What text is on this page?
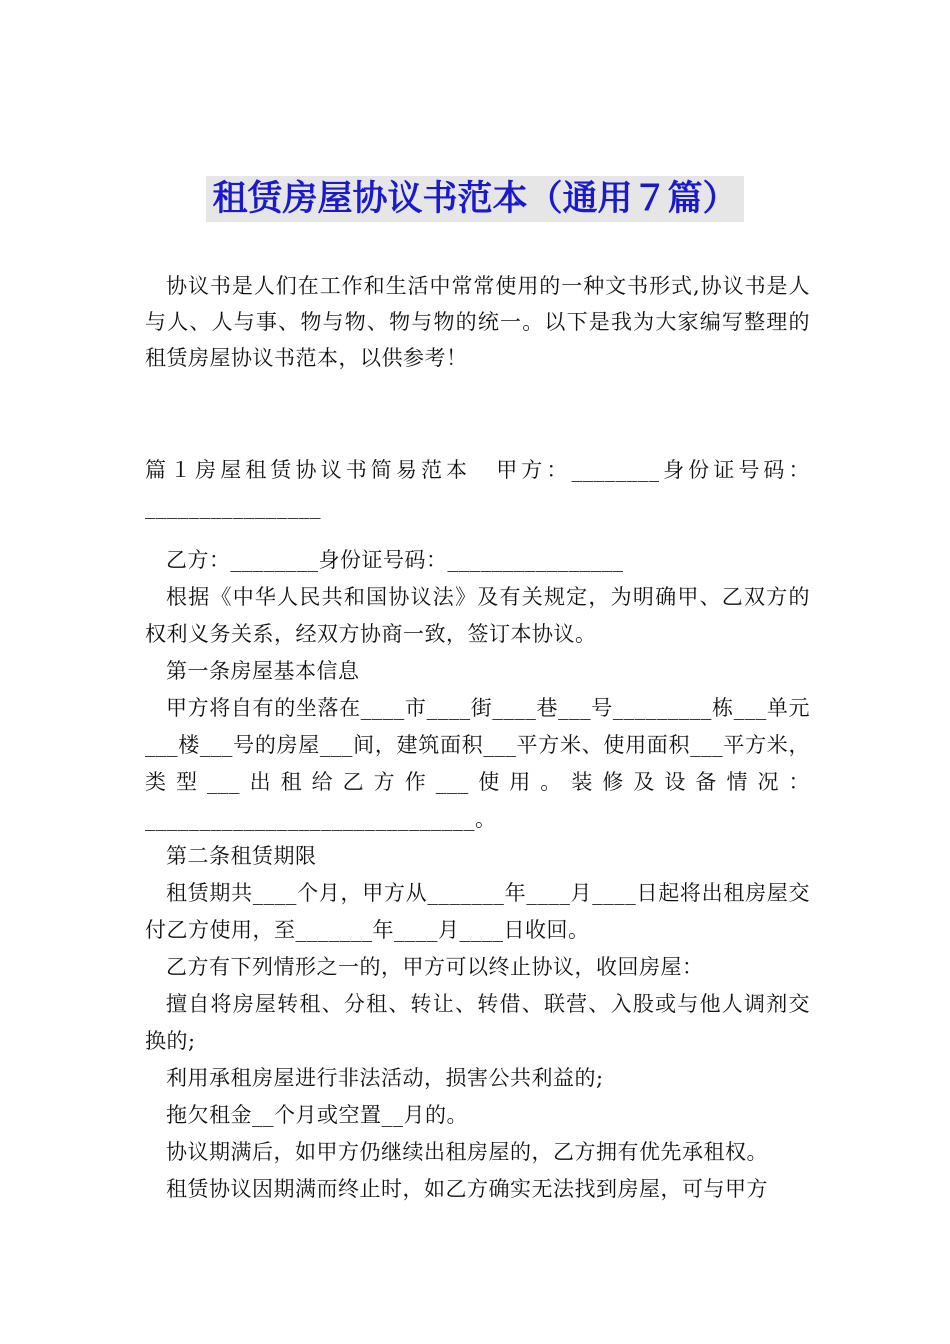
租赁房屋协议书范本（通用７篇）

协议书是人们在工作和生活中常常使用的一种文书形式,协议书是人与人、人与事、物与物、物与物的统一。以下是我为大家编写整理的租赁房屋协议书范本，以供参考！

篇１房屋租赁协议书简易范本　甲方：________身份证号码：________________

乙方：________身份证号码：________________

根据《中华人民共和国协议法》及有关规定，为明确甲、乙双方的权利义务关系，经双方协商一致，签订本协议。

第一条房屋基本信息

甲方将自有的坐落在____市____街____巷___号_________栋___单元___楼___号的房屋___间，建筑面积___平方米、使用面积___平方米，类型___出租给乙方作___使用。装修及设备情况：______________________________。

第二条租赁期限

租赁期共____个月，甲方从_______年____月____日起将出租房屋交付乙方使用，至_______年____月____日收回。

乙方有下列情形之一的，甲方可以终止协议，收回房屋：

擅自将房屋转租、分租、转让、转借、联营、入股或与他人调剂交换的;

利用承租房屋进行非法活动，损害公共利益的;

拖欠租金__个月或空置__月的。

协议期满后，如甲方仍继续出租房屋的，乙方拥有优先承租权。

租赁协议因期满而终止时，如乙方确实无法找到房屋，可与甲方
